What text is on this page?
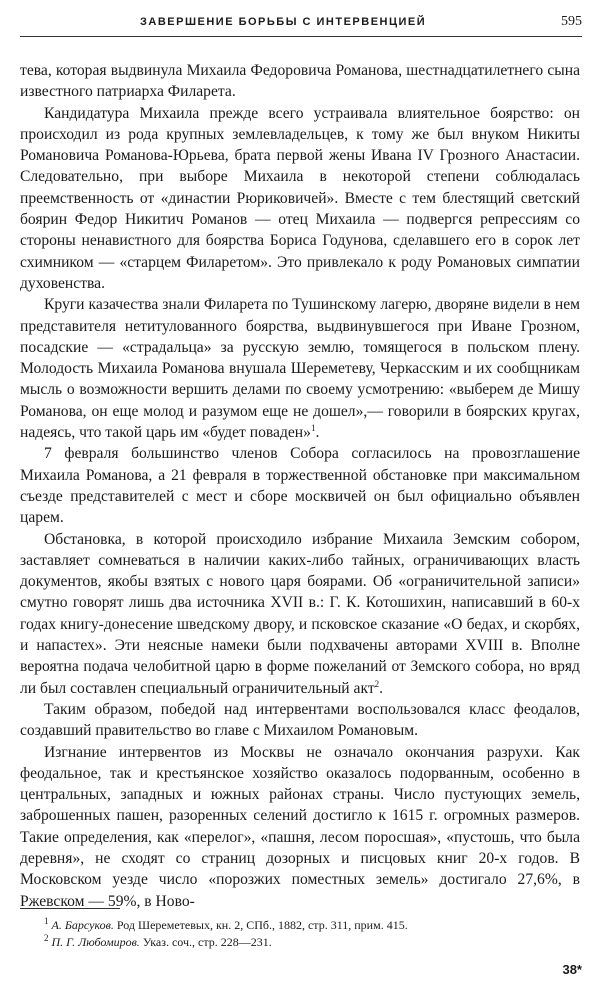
ЗАВЕРШЕНИЕ БОРЬБЫ С ИНТЕРВЕНЦИЕЙ	595

тева, которая выдвинула Михаила Федоровича Романова, шестнадцатилетнего сына известного патриарха Филарета.

Кандидатура Михаила прежде всего устраивала влиятельное боярство: он происходил из рода крупных землевладельцев, к тому же был внуком Никиты Романовича Романова-Юрьева, брата первой жены Ивана IV Грозного Анастасии. Следовательно, при выборе Михаила в некоторой степени соблюдалась преемственность от «династии Рюриковичей». Вместе с тем блестящий светский боярин Федор Никитич Романов — отец Михаила — подвергся репрессиям со стороны ненавистного для боярства Бориса Годунова, сделавшего его в сорок лет схимником — «старцем Филаретом». Это привлекало к роду Романовых симпатии духовенства.

Круги казачества знали Филарета по Тушинскому лагерю, дворяне видели в нем представителя нетитулованного боярства, выдвинувшегося при Иване Грозном, посадские — «страдальца» за русскую землю, томящегося в польском плену. Молодость Михаила Романова внушала Шереметеву, Черкасским и их сообщникам мысль о возможности вершить делами по своему усмотрению: «выберем де Мишу Романова, он еще молод и разумом еще не дошел»,— говорили в боярских кругах, надеясь, что такой царь им «будет поваден»$^1$.

7 февраля большинство членов Собора согласилось на провозглашение Михаила Романова, а 21 февраля в торжественной обстановке при максимальном съезде представителей с мест и сборе москвичей он был официально объявлен царем.

Обстановка, в которой происходило избрание Михаила Земским собором, заставляет сомневаться в наличии каких-либо тайных, ограничивающих власть документов, якобы взятых с нового царя боярами. Об «ограничительной записи» смутно говорят лишь два источника XVII в.: Г. К. Котошихин, написавший в 60-х годах книгу-донесение шведскому двору, и псковское сказание «О бедах, и скорбях, и напастех». Эти неясные намеки были подхвачены авторами XVIII в. Вполне вероятна подача челобитной царю в форме пожеланий от Земского собора, но вряд ли был составлен специальный ограничительный акт$^2$.

Таким образом, победой над интервентами воспользовался класс феодалов, создавший правительство во главе с Михаилом Романовым.

Изгнание интервентов из Москвы не означало окончания разрухи. Как феодальное, так и крестьянское хозяйство оказалось подорванным, особенно в центральных, западных и южных районах страны. Число пустующих земель, заброшенных пашен, разоренных селений достигло к 1615 г. огромных размеров. Такие определения, как «перелог», «пашня, лесом поросшая», «пустошь, что была деревня», не сходят со страниц дозорных и писцовых книг 20-х годов. В Московском уезде число «порозжих поместных земель» достигало 27,6%, в Ржевском — 59%, в Ново-

$^1$ А. Барсуков. Род Шереметевых, кн. 2, СПб., 1882, стр. 311, прим. 415.
$^2$ П. Г. Любомиров. Указ. соч., стр. 228—231.
38*
